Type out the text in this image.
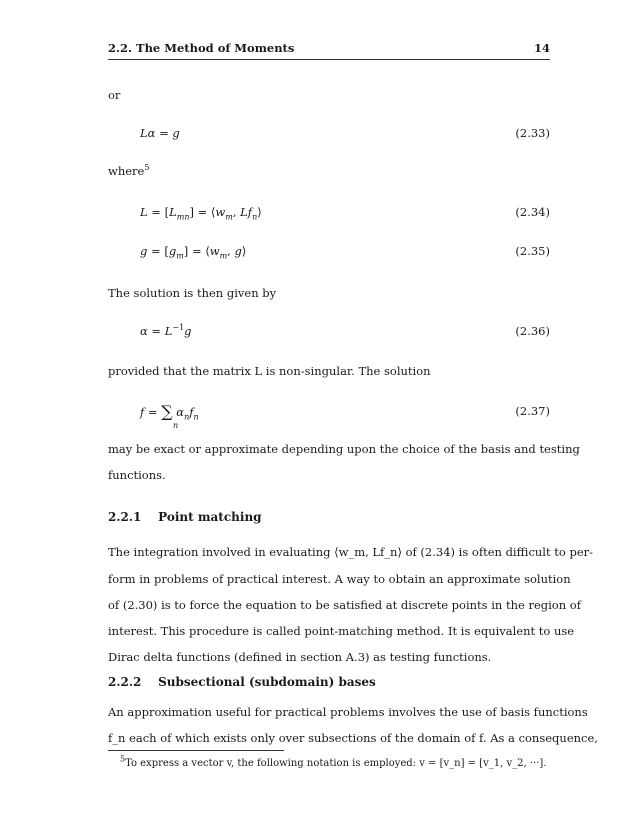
2.2. The Method of Moments	14
or
Lα = g	(2.33)
where$^5$
$L = [L_{mn}]$ = $⟨w_m$, $Lf_n⟩$	(2.34)
$g = [g_m]$ = $⟨w_m$, g⟩	(2.35)
The solution is then given by
$\alpha = L^{-1}g$	(2.36)
provided that the matrix L is non-singular. The solution
f = ∑ $\alpha_nf_n$
n
(2.37)
may be exact or approximate depending upon the choice of the basis and testing
functions.
2.2.1 Point matching
The integration involved in evaluating ⟨w_m, Lf_n⟩ of (2.34) is often difficult to per-
form in problems of practical interest. A way to obtain an approximate solution
of (2.30) is to force the equation to be satisfied at discrete points in the region of
interest. This procedure is called point-matching method. It is equivalent to use
Dirac delta functions (defined in section A.3) as testing functions.
2.2.2 Subsectional (subdomain) bases
An approximation useful for practical problems involves the use of basis functions
f_n each of which exists only over subsections of the domain of f. As a consequence,
$^5$To express a vector v, the following notation is employed: v = [v_n] = [v_1, v_2, ···].
